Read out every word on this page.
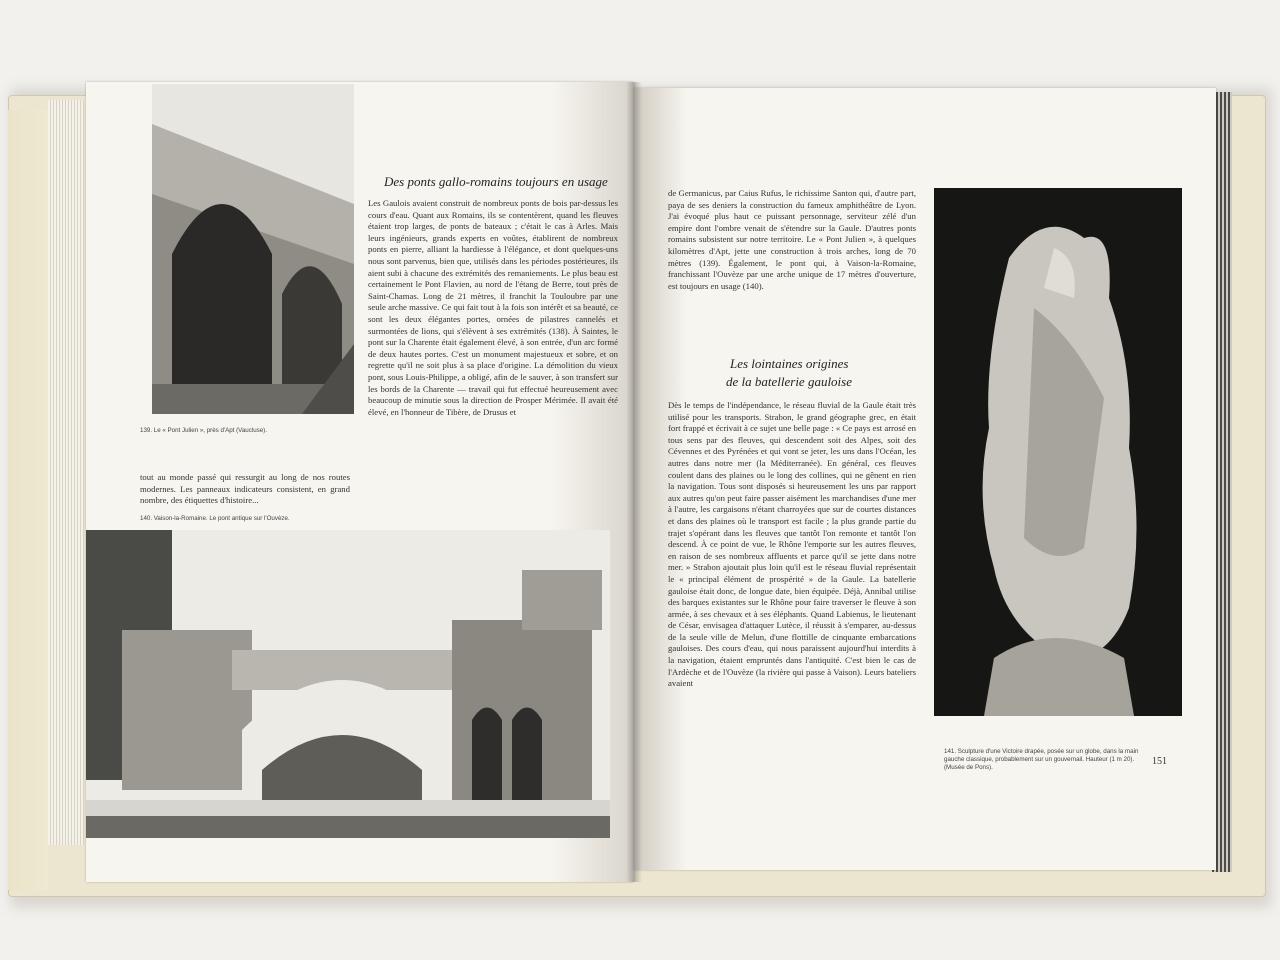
139. Le « Pont Julien », près d'Apt (Vaucluse).
Des ponts gallo-romains toujours en usage

Les Gaulois avaient construit de nombreux ponts de bois par-dessus les cours d'eau. Quant aux Romains, ils se contentèrent, quand les fleuves étaient trop larges, de ponts de bateaux ; c'était le cas à Arles. Mais leurs ingénieurs, grands experts en voûtes, établirent de nombreux ponts en pierre, alliant la hardiesse à l'élégance, et dont quelques-uns nous sont parvenus, bien que, utilisés dans les périodes postérieures, ils aient subi à chacune des extrémités des remaniements. Le plus beau est certainement le Pont Flavien, au nord de l'étang de Berre, tout près de Saint-Chamas. Long de 21 mètres, il franchit la Touloubre par une seule arche massive. Ce qui fait tout à la fois son intérêt et sa beauté, ce sont les deux élégantes portes, ornées de pilastres cannelés et surmontées de lions, qui s'élèvent à ses extrémités (138). À Saintes, le pont sur la Charente était également élevé, à son entrée, d'un arc formé de deux hautes portes. C'est un monument majestueux et sobre, et on regrette qu'il ne soit plus à sa place d'origine. La démolition du vieux pont, sous Louis-Philippe, a obligé, afin de le sauver, à son transfert sur les bords de la Charente — travail qui fut effectué heureusement avec beaucoup de minutie sous la direction de Prosper Mérimée. Il avait été élevé, en l'honneur de Tibère, de Drusus et

tout au monde passé qui ressurgit au long de nos routes modernes. Les panneaux indicateurs consistent, en grand nombre, des étiquettes d'histoire...

140. Vaison-la-Romaine. Le pont antique sur l'Ouvèze.

de Germanicus, par Caius Rufus, le richissime Santon qui, d'autre part, paya de ses deniers la construction du fameux amphithéâtre de Lyon. J'ai évoqué plus haut ce puissant personnage, serviteur zélé d'un empire dont l'ombre venait de s'étendre sur la Gaule. D'autres ponts romains subsistent sur notre territoire. Le « Pont Julien », à quelques kilomètres d'Apt, jette une construction à trois arches, long de 70 mètres (139). Également, le pont qui, à Vaison-la-Romaine, franchissant l'Ouvèze par une arche unique de 17 mètres d'ouverture, est toujours en usage (140).

Les lointaines origines
de la batellerie gauloise

Dès le temps de l'indépendance, le réseau fluvial de la Gaule était très utilisé pour les transports. Strabon, le grand géographe grec, en était fort frappé et écrivait à ce sujet une belle page : « Ce pays est arrosé en tous sens par des fleuves, qui descendent soit des Alpes, soit des Cévennes et des Pyrénées et qui vont se jeter, les uns dans l'Océan, les autres dans notre mer (la Méditerranée). En général, ces fleuves coulent dans des plaines ou le long des collines, qui ne gênent en rien la navigation. Tous sont disposés si heureusement les uns par rapport aux autres qu'on peut faire passer aisément les marchandises d'une mer à l'autre, les cargaisons n'étant charroyées que sur de courtes distances et dans des plaines où le transport est facile ; la plus grande partie du trajet s'opérant dans les fleuves que tantôt l'on remonte et tantôt l'on descend. À ce point de vue, le Rhône l'emporte sur les autres fleuves, en raison de ses nombreux affluents et parce qu'il se jette dans notre mer. » Strabon ajoutait plus loin qu'il est le réseau fluvial représentait le « principal élément de prospérité » de la Gaule. La batellerie gauloise était donc, de longue date, bien équipée. Déjà, Annibal utilise des barques existantes sur le Rhône pour faire traverser le fleuve à son armée, à ses chevaux et à ses éléphants. Quand Labienus, le lieutenant de César, envisagea d'attaquer Lutèce, il réussit à s'emparer, au-dessus de la seule ville de Melun, d'une flottille de cinquante embarcations gauloises. Des cours d'eau, qui nous paraissent aujourd'hui interdits à la navigation, étaient empruntés dans l'antiquité. C'est bien le cas de l'Ardèche et de l'Ouvèze (la rivière qui passe à Vaison). Leurs bateliers avaient

141. Sculpture d'une Victoire drapée, posée sur un globe, dans la main gauche classique, probablement sur un gouvernail. Hauteur (1 m 20). (Musée de Pons).
151
